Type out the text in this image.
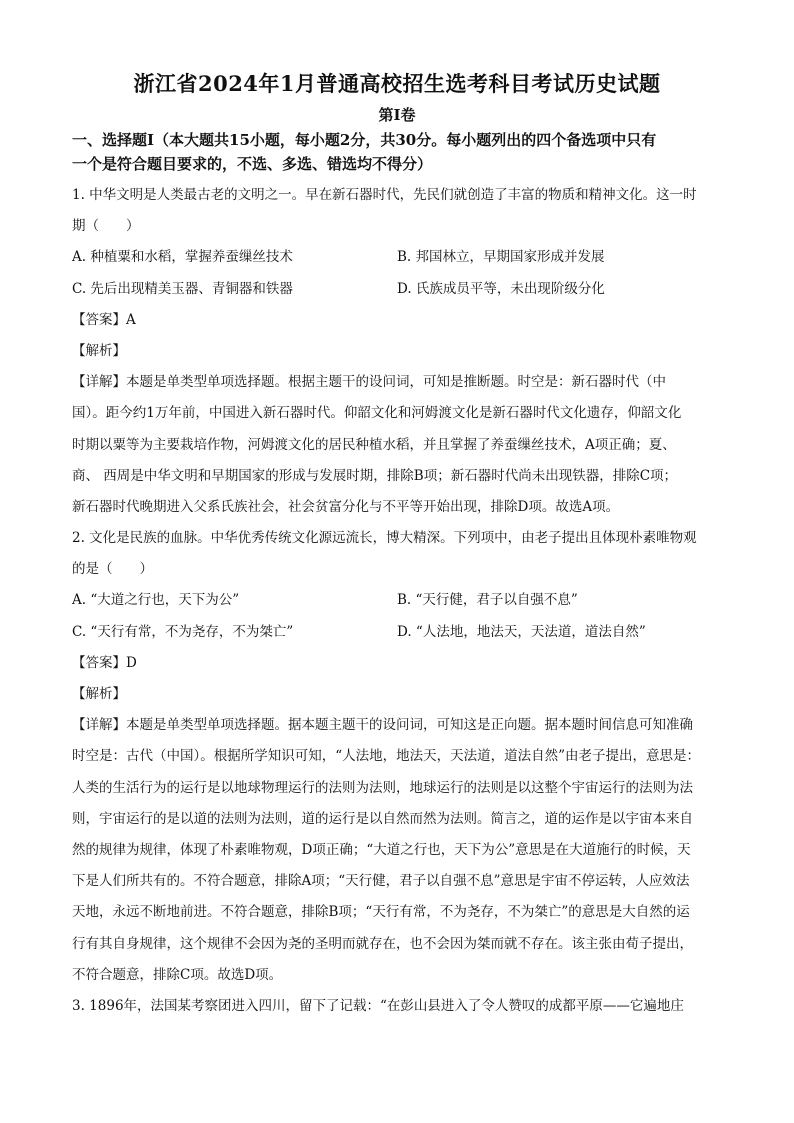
浙江省2024年1月普通高校招生选考科目考试历史试题
第Ⅰ卷
一、选择题Ⅰ（本大题共15小题，每小题2分，共30分。每小题列出的四个备选项中只有
一个是符合题目要求的，不选、多选、错选均不得分）
1. 中华文明是人类最古老的文明之一。早在新石器时代，先民们就创造了丰富的物质和精神文化。这一时
期（　　）
A. 种植粟和水稻，掌握养蚕缫丝技术	B. 邦国林立，早期国家形成并发展
C. 先后出现精美玉器、青铜器和铁器	D. 氏族成员平等，未出现阶级分化
【答案】A
【解析】
【详解】本题是单类型单项选择题。根据主题干的设问词，可知是推断题。时空是：新石器时代（中
国）。距今约1万年前，中国进入新石器时代。仰韶文化和河姆渡文化是新石器时代文化遗存，仰韶文化
时期以粟等为主要栽培作物，河姆渡文化的居民种植水稻，并且掌握了养蚕缫丝技术，A项正确；夏、
商、 西周是中华文明和早期国家的形成与发展时期，排除B项；新石器时代尚未出现铁器，排除C项；
新石器时代晚期进入父系氏族社会，社会贫富分化与不平等开始出现，排除D项。故选A项。
2. 文化是民族的血脉。中华优秀传统文化源远流长，博大精深。下列项中，由老子提出且体现朴素唯物观
的是（　　）
A. “大道之行也，天下为公”	B. “天行健，君子以自强不息”
C. “天行有常，不为尧存，不为桀亡”	D. “人法地，地法天，天法道，道法自然”
【答案】D
【解析】
【详解】本题是单类型单项选择题。据本题主题干的设问词，可知这是正向题。据本题时间信息可知准确
时空是：古代（中国）。根据所学知识可知，“人法地，地法天，天法道，道法自然”由老子提出，意思是：
人类的生活行为的运行是以地球物理运行的法则为法则，地球运行的法则是以这整个宇宙运行的法则为法
则，宇宙运行的是以道的法则为法则，道的运行是以自然而然为法则。简言之，道的运作是以宇宙本来自
然的规律为规律，体现了朴素唯物观，D项正确；“大道之行也，天下为公”意思是在大道施行的时候，天
下是人们所共有的。不符合题意，排除A项；“天行健，君子以自强不息”意思是宇宙不停运转，人应效法
天地，永远不断地前进。不符合题意，排除B项；“天行有常，不为尧存，不为桀亡”的意思是大自然的运
行有其自身规律，这个规律不会因为尧的圣明而就存在，也不会因为桀而就不存在。该主张由荀子提出，
不符合题意，排除C项。故选D项。
3. 1896年，法国某考察团进入四川，留下了记载：“在彭山县进入了令人赞叹的成都平原——它遍地庄
